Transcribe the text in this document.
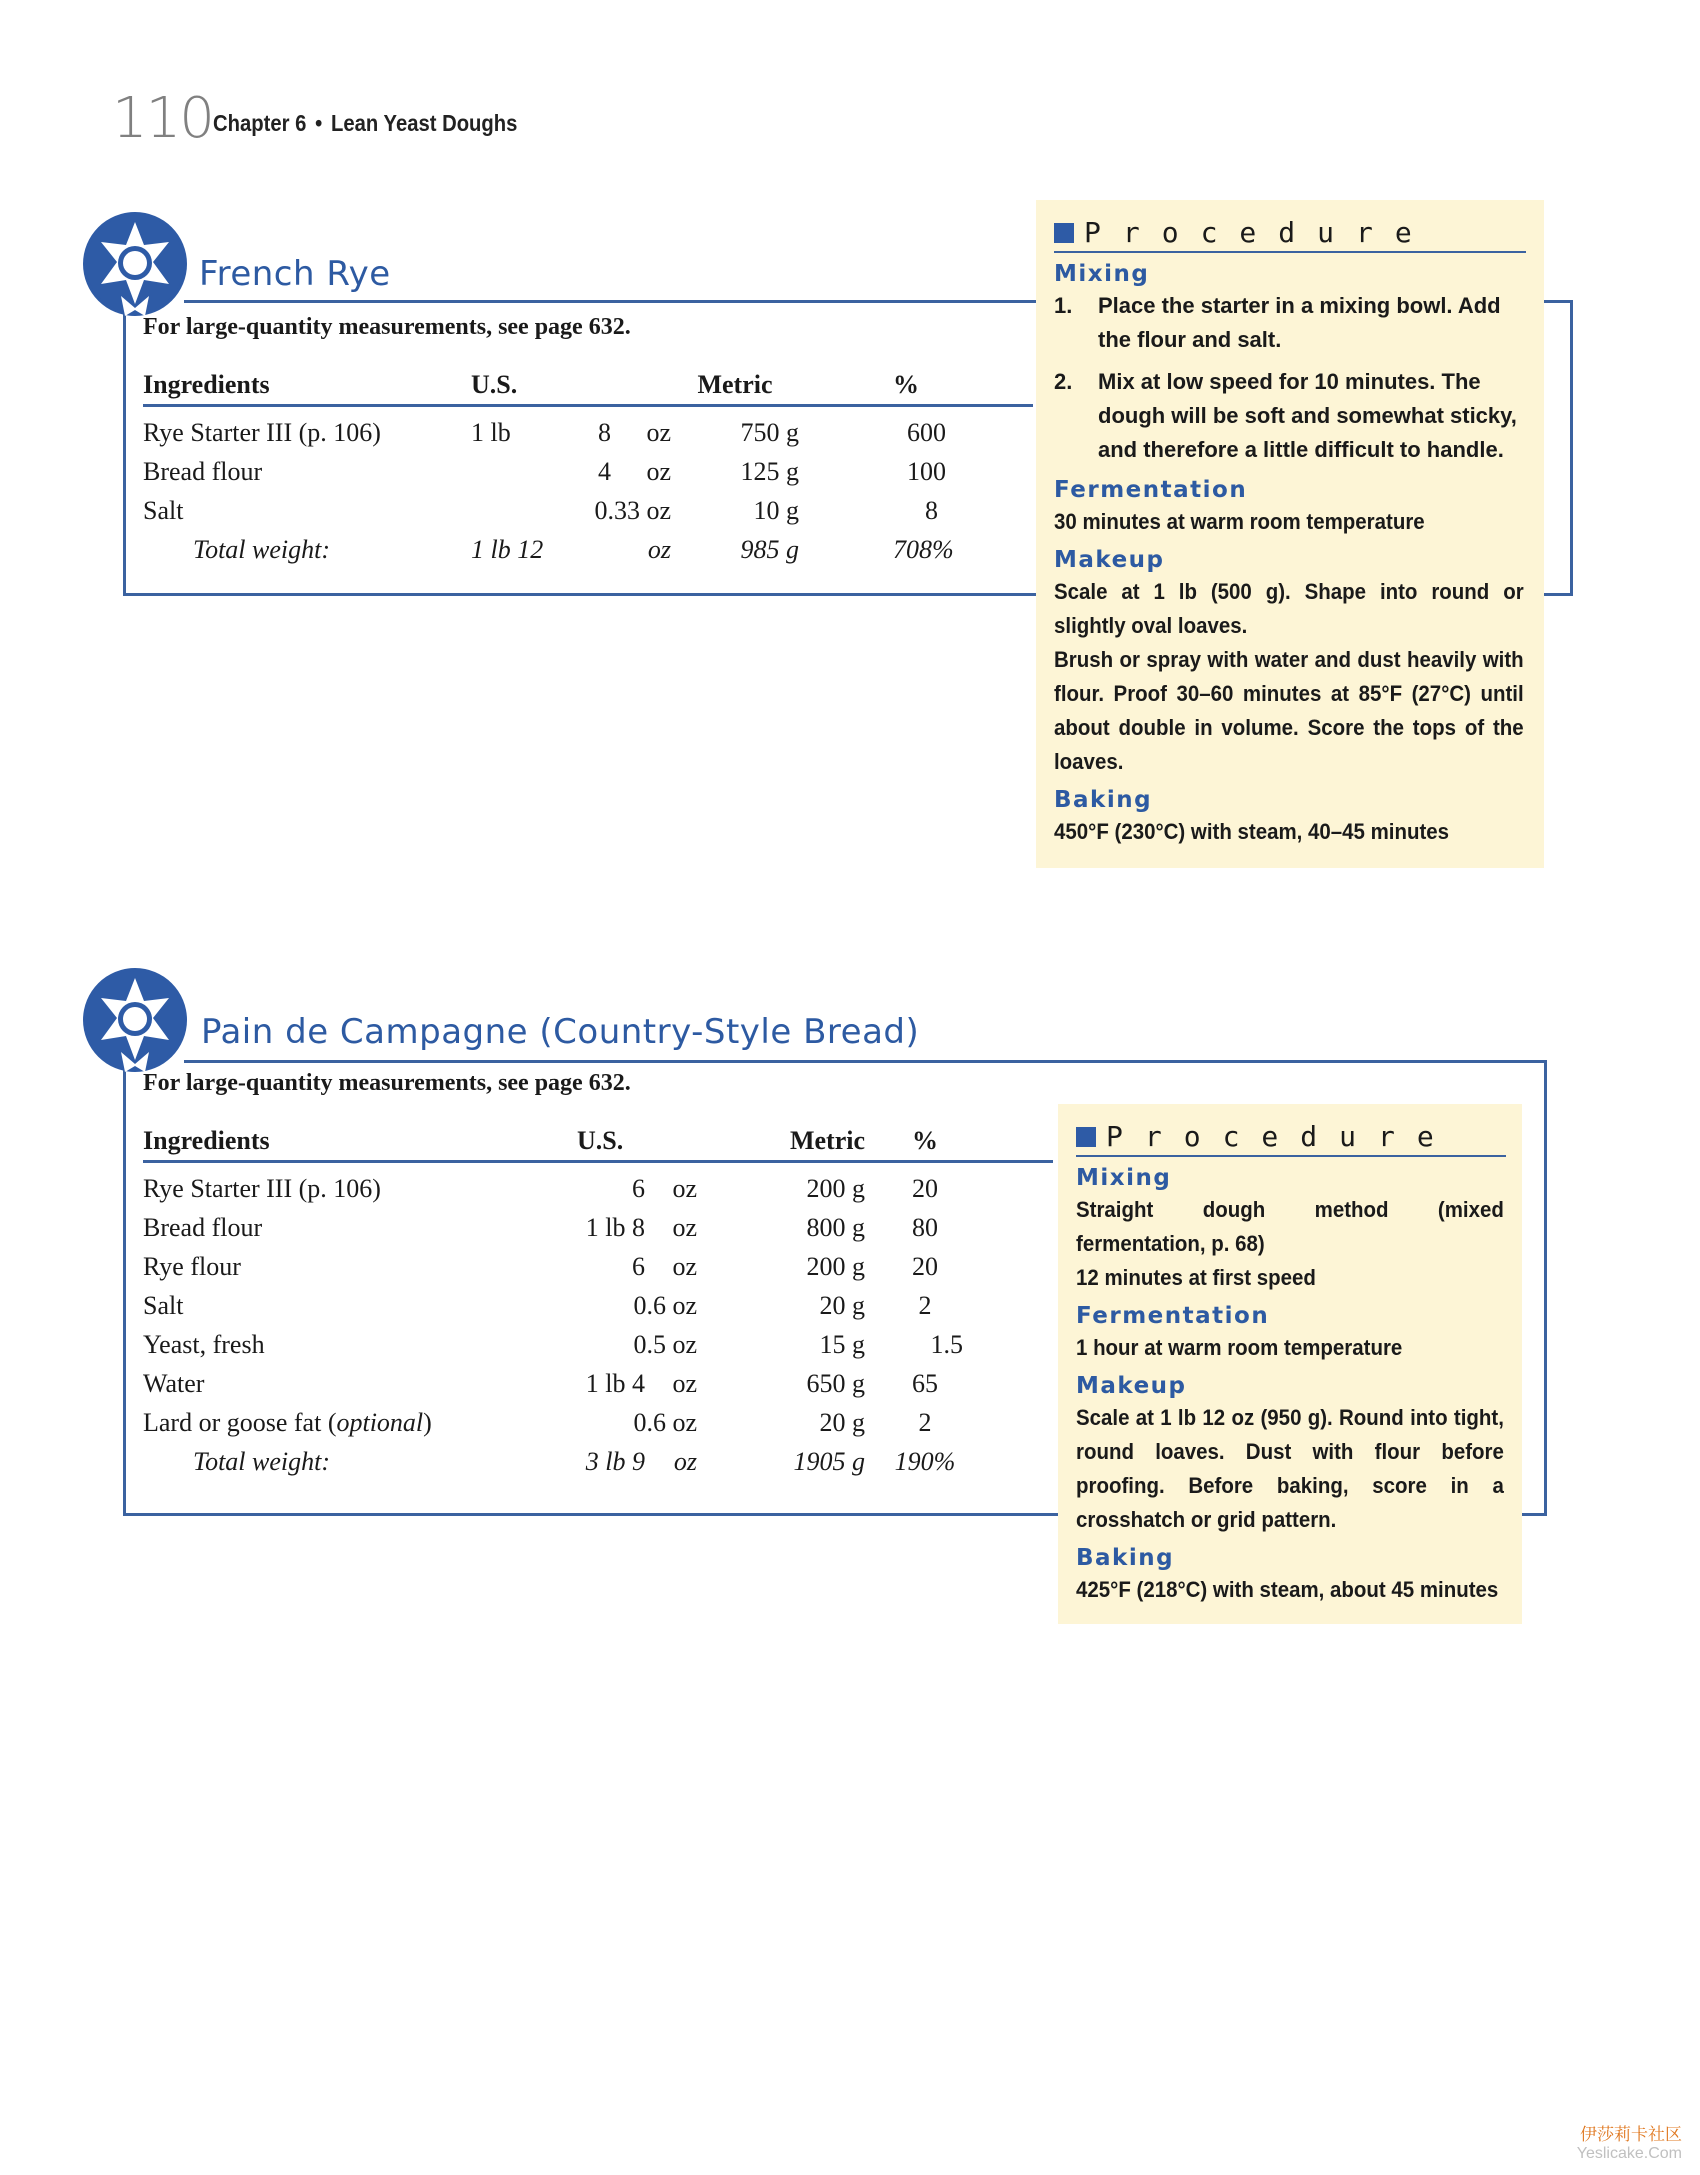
110 Chapter 6 • Lean Yeast Doughs
French Rye
For large-quantity measurements, see page 632.
Ingredients	U.S.			Metric		%
Rye Starter III (p. 106)	1 lb	8	oz	750 g		600
Bread flour		4	oz	125 g		100
Salt		0.33 oz		10 g		8
Total weight:	1 lb 12		oz	985 g		708%
Procedure
Mixing
1.	Place the starter in a mixing bowl. Add the flour and salt.
2.	Mix at low speed for 10 minutes. The dough will be soft and somewhat sticky, and therefore a little difficult to handle.
Fermentation

30 minutes at warm room temperature

Makeup

Scale at 1 lb (500 g). Shape into round or slightly oval loaves.

Brush or spray with water and dust heavily with flour. Proof 30–60 minutes at 85°F (27°C) until about double in volume. Score the tops of the loaves.

Baking

450°F (230°C) with steam, 40–45 minutes

Pain de Campagne (Country-Style Bread)
For large-quantity measurements, see page 632.
Ingredients	U.S.		Metric	%	
Rye Starter III (p. 106)	6	oz	200 g	20	
Bread flour	1 lb 8	oz	800 g	80	
Rye flour	6	oz	200 g	20	
Salt	0.6 oz		20 g	2	
Yeast, fresh	0.5 oz		15 g	1.5	
Water	1 lb 4	oz	650 g	65	
Lard or goose fat (optional)	0.6 oz		20 g	2	
Total weight:	3 lb 9	oz	1905 g	190%	
Procedure
Mixing

Straight dough method (mixed fermentation, p. 68)

12 minutes at first speed

Fermentation

1 hour at warm room temperature

Makeup

Scale at 1 lb 12 oz (950 g). Round into tight, round loaves. Dust with flour before proofing. Before baking, score in a crosshatch or grid pattern.

Baking

425°F (218°C) with steam, about 45 minutes

伊莎莉卡社区
Yeslicake.Com
